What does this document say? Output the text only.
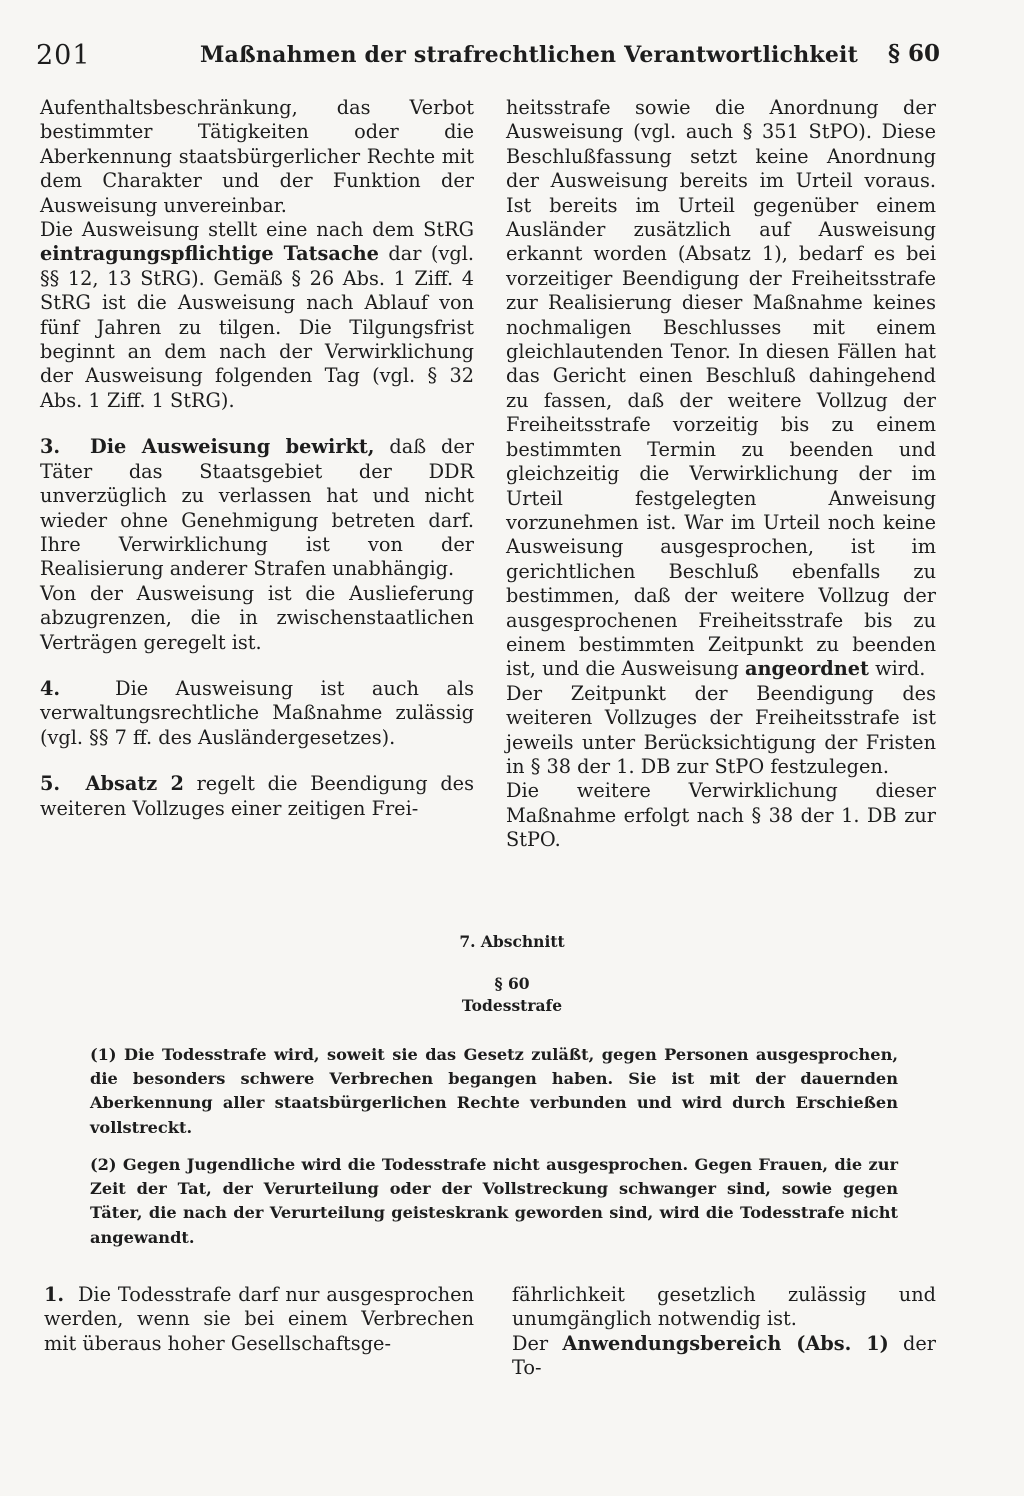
201	Maßnahmen der strafrechtlichen Verantwortlichkeit § 60

Aufenthaltsbeschränkung, das Verbot bestimmter Tätigkeiten oder die Aberkennung staatsbürgerlicher Rechte mit dem Charakter und der Funktion der Ausweisung unvereinbar.

Die Ausweisung stellt eine nach dem StRG eintragungspflichtige Tatsache dar (vgl. §§ 12, 13 StRG). Gemäß § 26 Abs. 1 Ziff. 4 StRG ist die Ausweisung nach Ablauf von fünf Jahren zu tilgen. Die Tilgungsfrist beginnt an dem nach der Verwirklichung der Ausweisung folgenden Tag (vgl. § 32 Abs. 1 Ziff. 1 StRG).

3. Die Ausweisung bewirkt, daß der Täter das Staatsgebiet der DDR unverzüglich zu verlassen hat und nicht wieder ohne Genehmigung betreten darf. Ihre Verwirklichung ist von der Realisierung anderer Strafen unabhängig.

Von der Ausweisung ist die Auslieferung abzugrenzen, die in zwischenstaatlichen Verträgen geregelt ist.

4.	Die Ausweisung ist auch als verwaltungsrechtliche Maßnahme zulässig (vgl. §§ 7 ff. des Ausländergesetzes).

5. Absatz 2 regelt die Beendigung des weiteren Vollzuges einer zeitigen Frei-

heitsstrafe sowie die Anordnung der Ausweisung (vgl. auch § 351 StPO). Diese Beschlußfassung setzt keine Anordnung der Ausweisung bereits im Urteil voraus. Ist bereits im Urteil gegenüber einem Ausländer zusätzlich auf Ausweisung erkannt worden (Absatz 1), bedarf es bei vorzeitiger Beendigung der Freiheitsstrafe zur Realisierung dieser Maßnahme keines nochmaligen Beschlusses mit einem gleichlautenden Tenor. In diesen Fällen hat das Gericht einen Beschluß dahingehend zu fassen, daß der weitere Vollzug der Freiheitsstrafe vorzeitig bis zu einem bestimmten Termin zu beenden und gleichzeitig die Verwirklichung der im Urteil festgelegten Anweisung vorzunehmen ist. War im Urteil noch keine Ausweisung ausgesprochen, ist im gerichtlichen Beschluß ebenfalls zu bestimmen, daß der weitere Vollzug der ausgesprochenen Freiheitsstrafe bis zu einem bestimmten Zeitpunkt zu beenden ist, und die Ausweisung angeordnet wird.

Der Zeitpunkt der Beendigung des weiteren Vollzuges der Freiheitsstrafe ist jeweils unter Berücksichtigung der Fristen in § 38 der 1. DB zur StPO festzulegen.

Die weitere Verwirklichung dieser Maßnahme erfolgt nach § 38 der 1. DB zur StPO.

7. Abschnitt
§ 60
Todesstrafe

(1) Die Todesstrafe wird, soweit sie das Gesetz zuläßt, gegen Personen ausgesprochen, die besonders schwere Verbrechen begangen haben. Sie ist mit der dauernden Aberkennung aller staatsbürgerlichen Rechte verbunden und wird durch Erschießen vollstreckt.

(2) Gegen Jugendliche wird die Todesstrafe nicht ausgesprochen. Gegen Frauen, die zur Zeit der Tat, der Verurteilung oder der Vollstreckung schwanger sind, sowie gegen Täter, die nach der Verurteilung geisteskrank geworden sind, wird die Todesstrafe nicht angewandt.

1. Die Todesstrafe darf nur ausgesprochen werden, wenn sie bei einem Verbrechen mit überaus hoher Gesellschaftsge-

fährlichkeit gesetzlich zulässig und unumgänglich notwendig ist.

Der Anwendungsbereich (Abs. 1) der To-
